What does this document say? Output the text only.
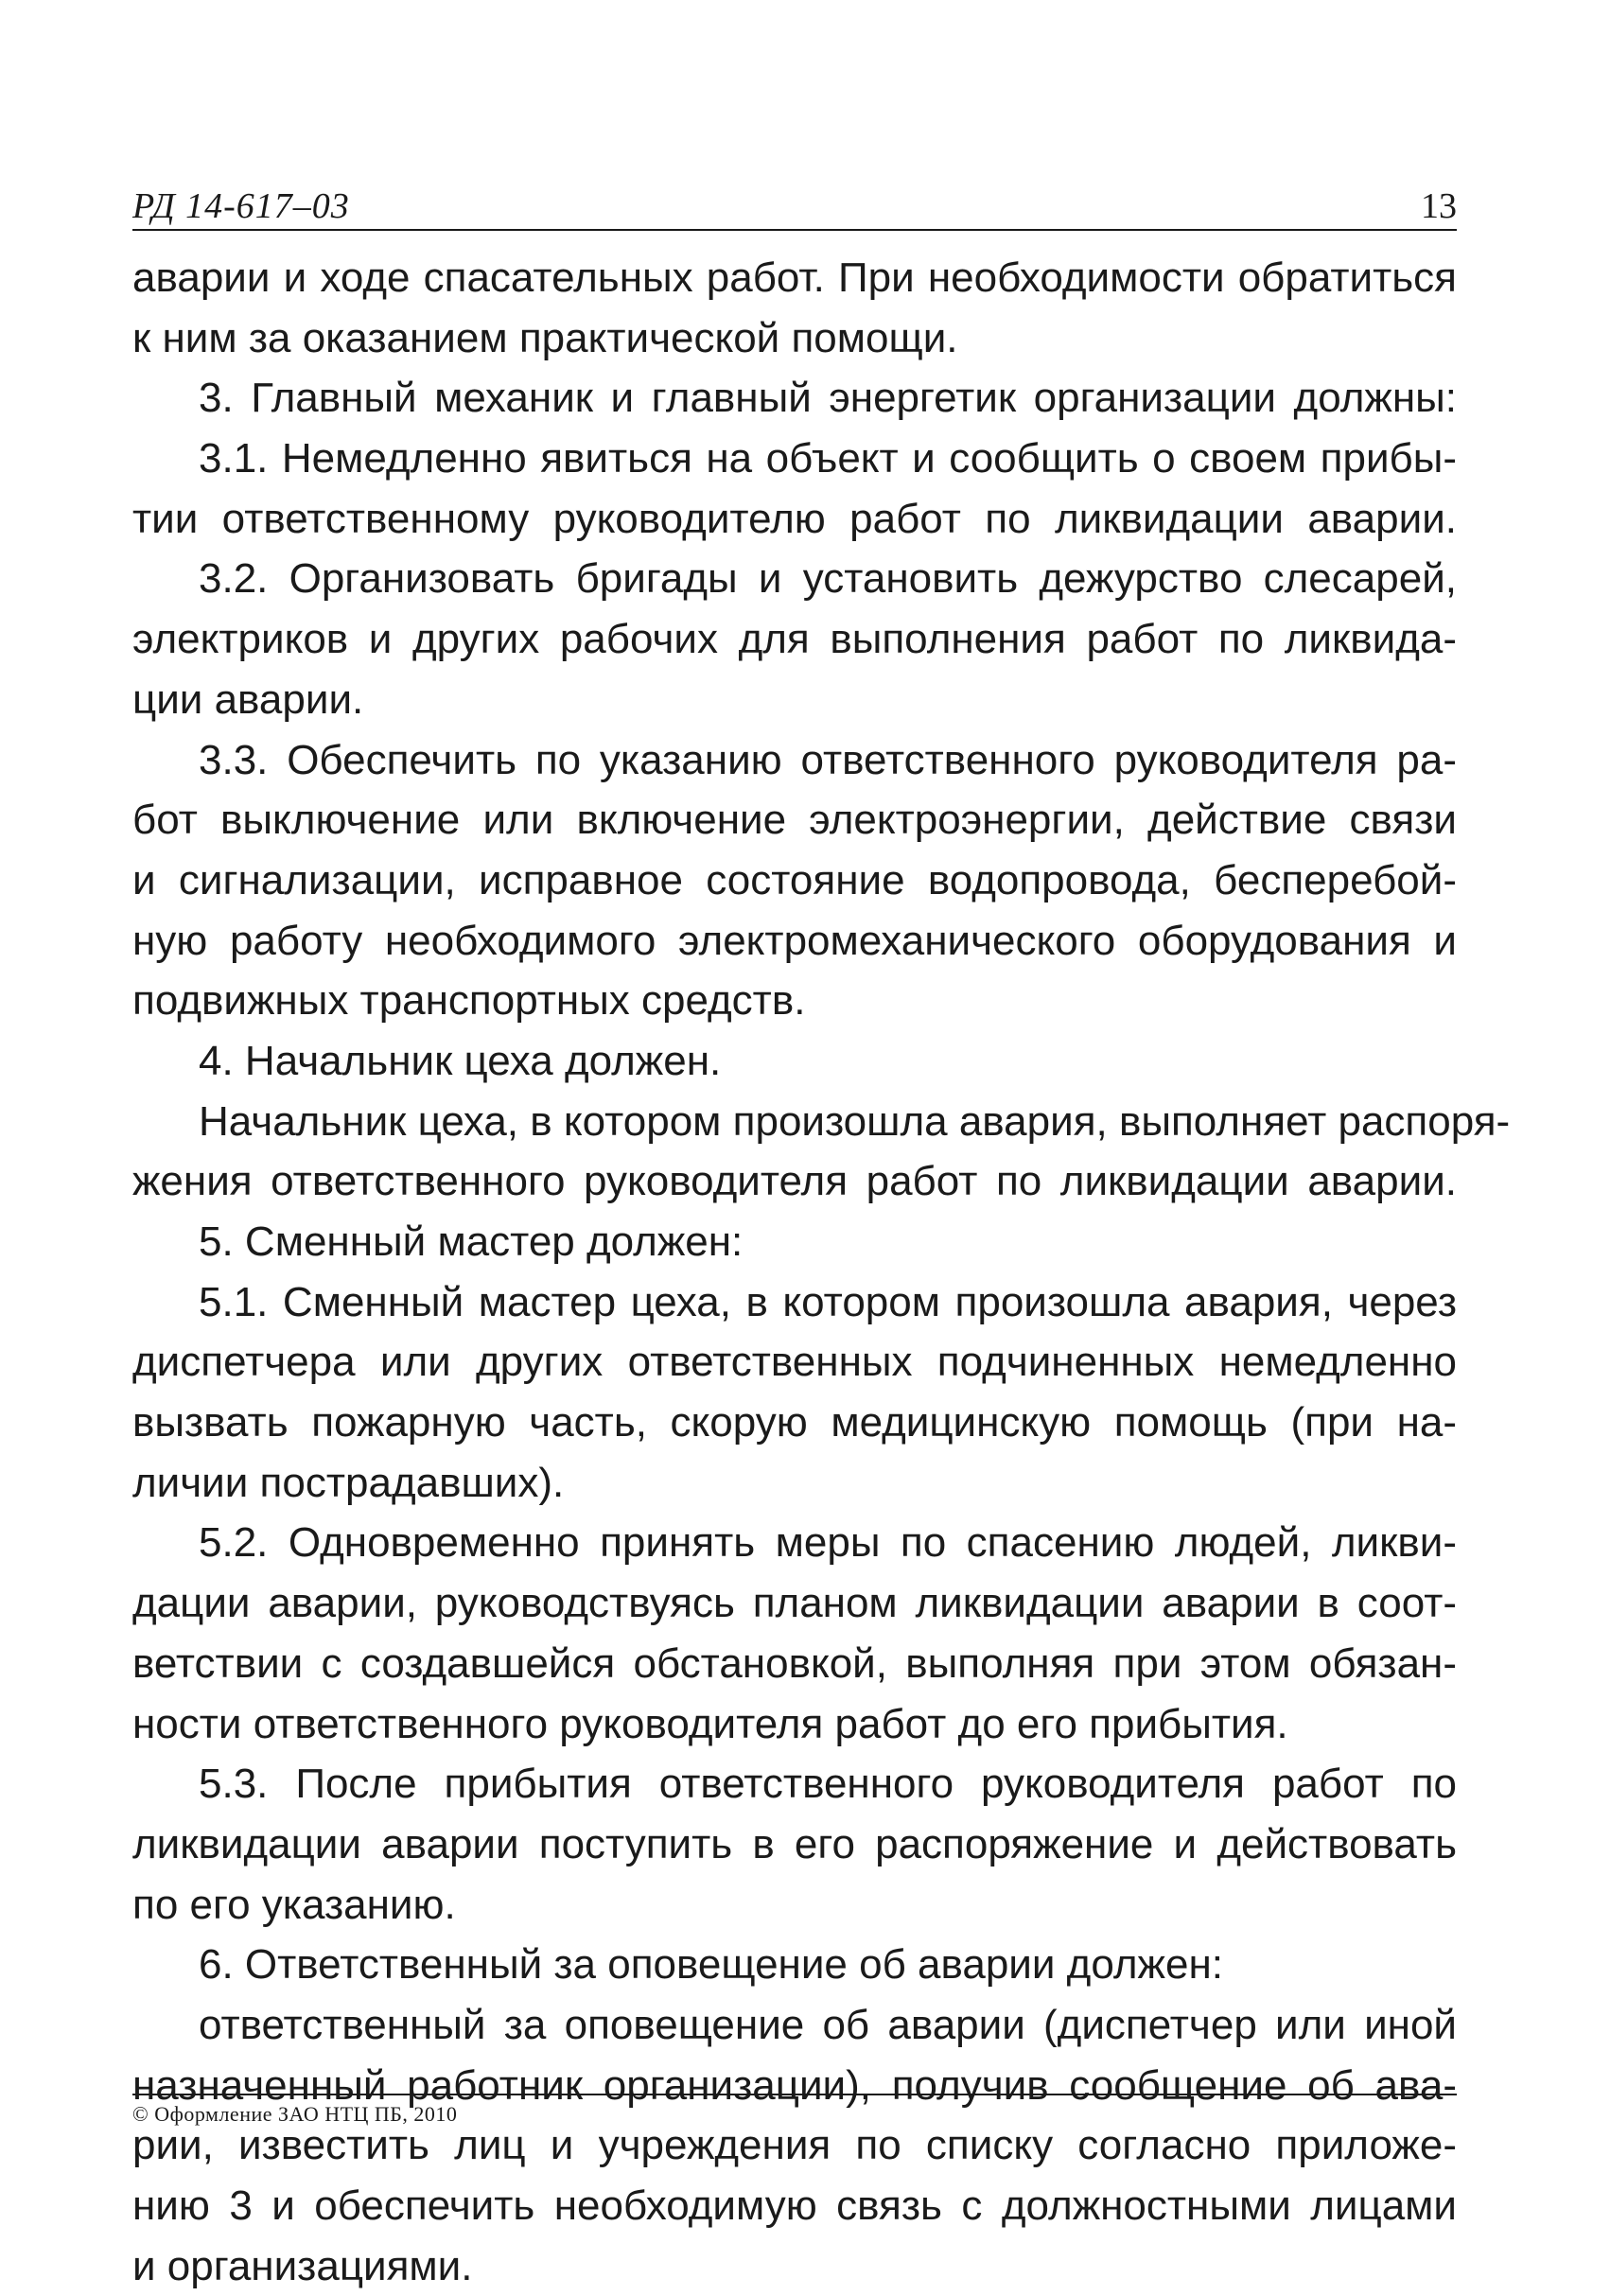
РД 14-617–03	13
аварии и ходе спасательных работ. При необходимости обратиться
к ним за оказанием практической помощи.
3. Главный механик и главный энергетик организации должны:
3.1. Немедленно явиться на объект и сообщить о своем прибы-
тии ответственному руководителю работ по ликвидации аварии.
3.2. Организовать бригады и установить дежурство слесарей,
электриков и других рабочих для выполнения работ по ликвида-
ции аварии.
3.3. Обеспечить по указанию ответственного руководителя ра-
бот выключение или включение электроэнергии, действие связи
и сигнализации, исправное состояние водопровода, бесперебой-
ную работу необходимого электромеханического оборудования и
подвижных транспортных средств.
4. Начальник цеха должен.
Начальник цеха, в котором произошла авария, выполняет распоря-
жения ответственного руководителя работ по ликвидации аварии.
5. Сменный мастер должен:
5.1. Сменный мастер цеха, в котором произошла авария, через
диспетчера или других ответственных подчиненных немедленно
вызвать пожарную часть, скорую медицинскую помощь (при на-
личии пострадавших).
5.2. Одновременно принять меры по спасению людей, ликви-
дации аварии, руководствуясь планом ликвидации аварии в соот-
ветствии с создавшейся обстановкой, выполняя при этом обязан-
ности ответственного руководителя работ до его прибытия.
5.3. После прибытия ответственного руководителя работ по
ликвидации аварии поступить в его распоряжение и действовать
по его указанию.
6. Ответственный за оповещение об аварии должен:
ответственный за оповещение об аварии (диспетчер или иной
назначенный работник организации), получив сообщение об ава-
рии, известить лиц и учреждения по списку согласно приложе-
нию 3 и обеспечить необходимую связь с должностными лицами
и организациями.
© Оформление ЗАО НТЦ ПБ, 2010
